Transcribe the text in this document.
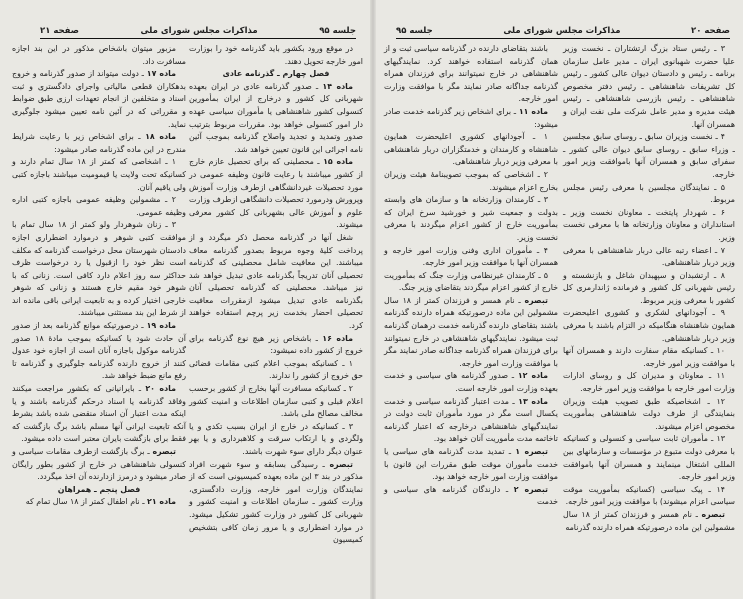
صفحه ۲۱	مذاکرات مجلس شورای ملی	جلسه ۹۵	جلسه ۹۵	مذاکرات مجلس شورای ملی	صفحه ۲۰

مزبور میتوان باشخاص مذکور در این بند اجازه مسافرت داد.

ماده ۱۷ ـ دولت میتواند از صدور گذرنامه و خروج بدهکاران قطعی مالیاتی واجرای دادگستری و ثبت اسناد و متخلفین از انجام تعهدات ارزی طبق ضوابط و مقرراتی که در آئین نامه تعیین میشود جلوگیری نماید.

ماده ۱۸ ـ برای اشخاص زیر با رعایت شرایط مندرج در این ماده گذرنامه صادر میشود:

۱ ـ اشخاصی که کمتر از ۱۸ سال تمام دارند و کسانیکه تحت ولایت یا قیمومیت میباشند باجازه کتبی ولی یاقیم آنان.

۲ ـ مشمولین وظیفه عمومی باجازه کتبی اداره وظیفه عمومی.

۳ ـ زنان شوهردار ولو کمتر از ۱۸ سال تمام با موافقت کتبی شوهر و درموارد اضطراری اجازه دادستان شهرستان محل درخواست گذرنامه که مکلف است نظر خود را ازقبول یا رد درخواست ظرف حداکثر سه روز اعلام دارد کافی است. زنانی که با شوهر خود مقیم خارج هستند و زنانی که شوهر خارجی اختیار کرده و به تابعیت ایرانی باقی مانده اند از شرط این بند مستثنی میباشند.

ماده ۱۹ ـ درصورتیکه موانع گذرنامه بعد از صدور آن حادث شود یا کسانیکه بموجب مادهٔ ۱۸ صدور گذرنامه موکول باجازه آنان است از اجازه خود عدول کنند از خروج دارنده گذرنامه جلوگیری و گذرنامه تا رفع مانع ضبط خواهد شد.

ماده ۲۰ ـ بایرانیانی که بکشور مراجعت میکنند وفاقد گذرنامه یا اسناد درحکم گذرنامه باشند و یا اینکه مدت اعتبار آن اسناد منقضی شده باشد بشرط آنکه تابعیت ایرانی آنها مسلم باشد برگ بازگشت که فقط برای بازگشت بایران معتبر است داده میشود.

تبصره ـ برگ بازگشت ازطرف مقامات سیاسی و کنسولی شاهنشاهی در خارج از کشور بطور رایگان صادر میشود و درمرز ازدارنده آن اخذ میگردد.

فصل پنجم ـ همراهان

ماده ۲۱ ـ نام اطفال کمتر از ۱۸ سال تمام که

در موقع ورود بکشور باید گذرنامه خود را بوزارت امور خارجه تحویل دهند.

فصل چهارم ـ گذرنامه عادی

ماده ۱۴ ـ صدور گذرنامه عادی در ایران بعهده شهربانی کل کشور و درخارج از ایران بمأمورین کنسولی کشور شاهنشاهی یا مأموران سیاسی عهده دار امور کنسولی خواهد بود. مقررات مربوط بترتیب صدور وتمدید و تجدید واصلاح گذرنامه بموجب آئین نامه اجرائی این قانون تعیین خواهد شد.

ماده ۱۵ ـ محصلینی که برای تحصیل عازم خارج از کشور میباشند با رعایت قانون وظیفه عمومی در مورد تحصیلات غیردانشگاهی ازطرف وزارت آموزش وپرورش ودرمورد تحصیلات دانشگاهی ازطرف وزارت علوم و آموزش عالی بشهربانی کل کشور معرفی میشوند.

شغل آنها در گذرنامه محصل ذکر میگردد و از پرداخت کلیهٔ وجوه مربوط بصدور گذرنامه معاف میباشند. این معافیت شامل محصلینی که گذرنامه تحصیلی آنان تدریجاً بگذرنامه عادی تبدیل خواهد شد نیز میباشد. محصلینی که گذرنامه تحصیلی آنان بگذرنامه عادی تبدیل میشود ازمقررات معافیت تحصیلی احضار بخدمت زیر پرچم استفاده خواهند کرد.

ماده ۱۶ ـ باشخاص زیر هیچ نوع گذرنامه برای خروج از کشور داده نمیشود:

۱ ـ کسانیکه بموجب اعلام کتبی مقامات قضائی حق خروج از کشور را ندارند.

۲ ـ کسانیکه مسافرت آنها بخارج از کشور برحسب اعلام قبلی و کتبی سازمان اطلاعات و امنیت کشور مخالف مصالح ملی باشد.

۳ ـ کسانیکه در خارج از ایران بسبب تکدی و یا ولگردی و یا ارتکاب سرقت و کلاهبرداری و یا بهر عنوان دیگر دارای سوء شهرت باشند.

تبصره ـ رسیدگی بسابقه و سوء شهرت افراد مذکور در بند ۳ این ماده بعهده کمیسیونی است که از نمایندگان وزارت امور خارجه، وزارت دادگستری، وزارت کشور ـ سازمان اطلاعات و امنیت کشور و شهربانی کل کشور در وزارت کشور تشکیل میشود. در موارد اضطراری و یا مرور زمان کافی بتشخیص کمیسیون

باشند بتقاضای دارنده در گذرنامه سیاسی ثبت و از همان گذرنامه استفاده خواهند کرد. نمایندگیهای شاهنشاهی در خارج نمیتوانند برای فرزندان همراه گذرنامه جداگانه صادر نمایند مگر با موافقت وزارت امور خارجه.

ماده ۱۱ ـ برای اشخاص زیر گذرنامه خدمت صادر میشود:

۱ ـ آجودانهای کشوری اعلیحضرت همایون شاهنشاه و کارمندان و خدمتگزاران دربار شاهنشاهی با معرفی وزیر دربار شاهنشاهی.

۲ ـ اشخاصی که بموجب تصویبنامهٔ هیئت وزیران بخارج اعزام میشوند.

۳ ـ کارمندان وزارتخانه ها و سازمان های وابسته بدولت و جمعیت شیر و خورشید سرخ ایران که بمأموریت خارج از کشور اعزام میگردند با معرفی نخست وزیر.

۴ ـ مأموران اداری وفنی وزارت امور خارجه و همسران آنها با موافقت وزیر امور خارجه.

۵ ـ کارمندان غیرنظامی وزارت جنگ که بمأموریت خارج از کشور اعزام میگردند بتقاضای وزیر جنگ.

تبصره ـ نام همسر و فرزندان کمتر از ۱۸ سال مشمولین این ماده درصورتیکه همراه دارنده گذرنامه باشند بتقاضای دارنده گذرنامه خدمت درهمان گذرنامه ثبت میشود. نمایندگیهای شاهنشاهی در خارج نمیتوانند برای فرزندان همراه گذرنامه جداگانه صادر نمایند مگر با موافقت وزارت امور خارجه.

ماده ۱۲ ـ صدور گذرنامه های سیاسی و خدمت بعهده وزارت امور خارجه است.

ماده ۱۳ ـ مدت اعتبار گذرنامه سیاسی و خدمت یکسال است مگر در مورد مأموران ثابت دولت در نمایندگیهای شاهنشاهی درخارجه که اعتبار گذرنامه تاخاتمه مدت مأموریت آنان خواهد بود.

تبصره ۱ ـ تمدید مدت گذرنامه های سیاسی یا خدمت مأموران موقت طبق مقررات این قانون با موافقت وزارت امور خارجه خواهد بود.

تبصره ۲ ـ دارندگان گذرنامه های سیاسی و خدمت

۳ ـ رئیس ستاد بزرگ ارتشتاران ـ نخست وزیر علیا حضرت شهبانوی ایران ـ مدیر عامل سازمان برنامه ـ رئیس و دادستان دیوان عالی کشور ـ رئیس کل تشریفات شاهنشاهی ـ رئیس دفتر مخصوص شاهنشاهی ـ رئیس بازرسی شاهنشاهی ـ رئیس هیئت مدیره و مدیر عامل شرکت ملی نفت ایران و همسران آنها.

۴ ـ نخست وزیران سابق ـ روسای سابق مجلسین ـ وزراء سابق ـ روسای سابق دیوان عالی کشور ـ سفرای سابق و همسران آنها باموافقت وزیر امور خارجه.

۵ ـ نمایندگان مجلسین با معرفی رئیس مجلس مربوط.

۶ ـ شهردار پایتخت ـ معاونان نخست وزیر ـ استانداران و معاونان وزارتخانه ها با معرفی نخست وزیر.

۷ ـ اعضاء رتبه عالی دربار شاهنشاهی با معرفی وزیر دربار شاهنشاهی.

۸ ـ ارتشبدان و سپهبدان شاغل و بازنشسته و رئیس شهربانی کل کشور و فرمانده ژاندارمری کل کشور با معرفی وزیر مربوط.

۹ ـ آجودانهای لشکری و کشوری اعلیحضرت همایون شاهنشاه هنگامیکه در التزام باشند با معرفی وزیر دربار شاهنشاهی.

۱۰ ـ کسانیکه مقام سفارت دارند و همسران آنها با موافقت وزیر امور خارجه.

۱۱ ـ معاونان و مدیران کل و روسای ادارات وزارت امور خارجه با موافقت وزیر امور خارجه.

۱۲ ـ اشخاصیکه طبق تصویب هیئت وزیران بنمایندگی از طرف دولت شاهنشاهی بمأموریت مخصوص اعزام میشوند.

۱۳ ـ مأموران ثابت سیاسی و کنسولی و کسانیکه با معرفی دولت متبوع در مؤسسات و سازمانهای بین المللی اشتغال مینمایند و همسران آنها باموافقت وزیر امور خارجه.

۱۴ ـ پیک سیاسی (کسانیکه بمأموریت موقت سیاسی اعزام میشوند) با موافقت وزیر امور خارجه.

تبصره ـ نام همسر و فرزندان کمتر از ۱۸ سال مشمولین این ماده درصورتیکه همراه دارنده گذرنامه
